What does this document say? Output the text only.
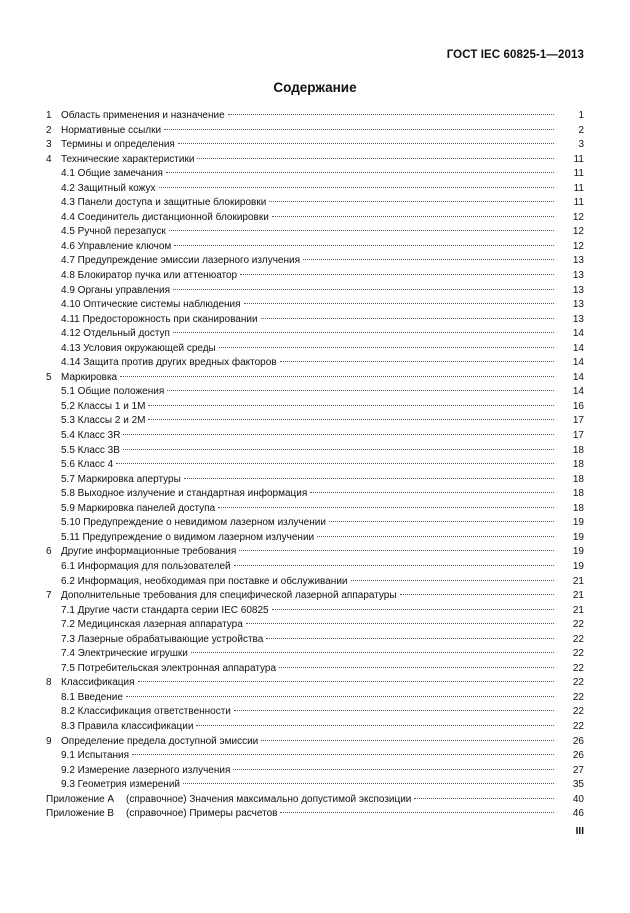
ГОСТ IEC 60825-1—2013
Содержание
1 Область применения и назначение	1
2 Нормативные ссылки	2
3 Термины и определения	3
4 Технические характеристики	11
4.1 Общие замечания	11
4.2 Защитный кожух	11
4.3 Панели доступа и защитные блокировки	11
4.4 Соединитель дистанционной блокировки	12
4.5 Ручной перезапуск	12
4.6 Управление ключом	12
4.7 Предупреждение эмиссии лазерного излучения	13
4.8 Блокиратор пучка или аттенюатор	13
4.9 Органы управления	13
4.10 Оптические системы наблюдения	13
4.11 Предосторожность при сканировании	13
4.12 Отдельный доступ	14
4.13 Условия окружающей среды	14
4.14 Защита против других вредных факторов	14
5 Маркировка	14
5.1 Общие положения	14
5.2 Классы 1 и 1М	16
5.3 Классы 2 и 2М	17
5.4 Класс 3R	17
5.5 Класс 3В	18
5.6 Класс 4	18
5.7 Маркировка апертуры	18
5.8 Выходное излучение и стандартная информация	18
5.9 Маркировка панелей доступа	18
5.10 Предупреждение о невидимом лазерном излучении	19
5.11 Предупреждение о видимом лазерном излучении	19
6 Другие информационные требования	19
6.1 Информация для пользователей	19
6.2 Информация, необходимая при поставке и обслуживании	21
7 Дополнительные требования для специфической лазерной аппаратуры	21
7.1 Другие части стандарта серии IEC 60825	21
7.2 Медицинская лазерная аппаратура	22
7.3 Лазерные обрабатывающие устройства	22
7.4 Электрические игрушки	22
7.5 Потребительская электронная аппаратура	22
8 Классификация	22
8.1 Введение	22
8.2 Классификация ответственности	22
8.3 Правила классификации	22
9 Определение предела доступной эмиссии	26
9.1 Испытания	26
9.2 Измерение лазерного излучения	27
9.3 Геометрия измерений	35
Приложение А	(справочное) Значения максимально допустимой экспозиции	40
Приложение В	(справочное) Примеры расчетов	46
III
